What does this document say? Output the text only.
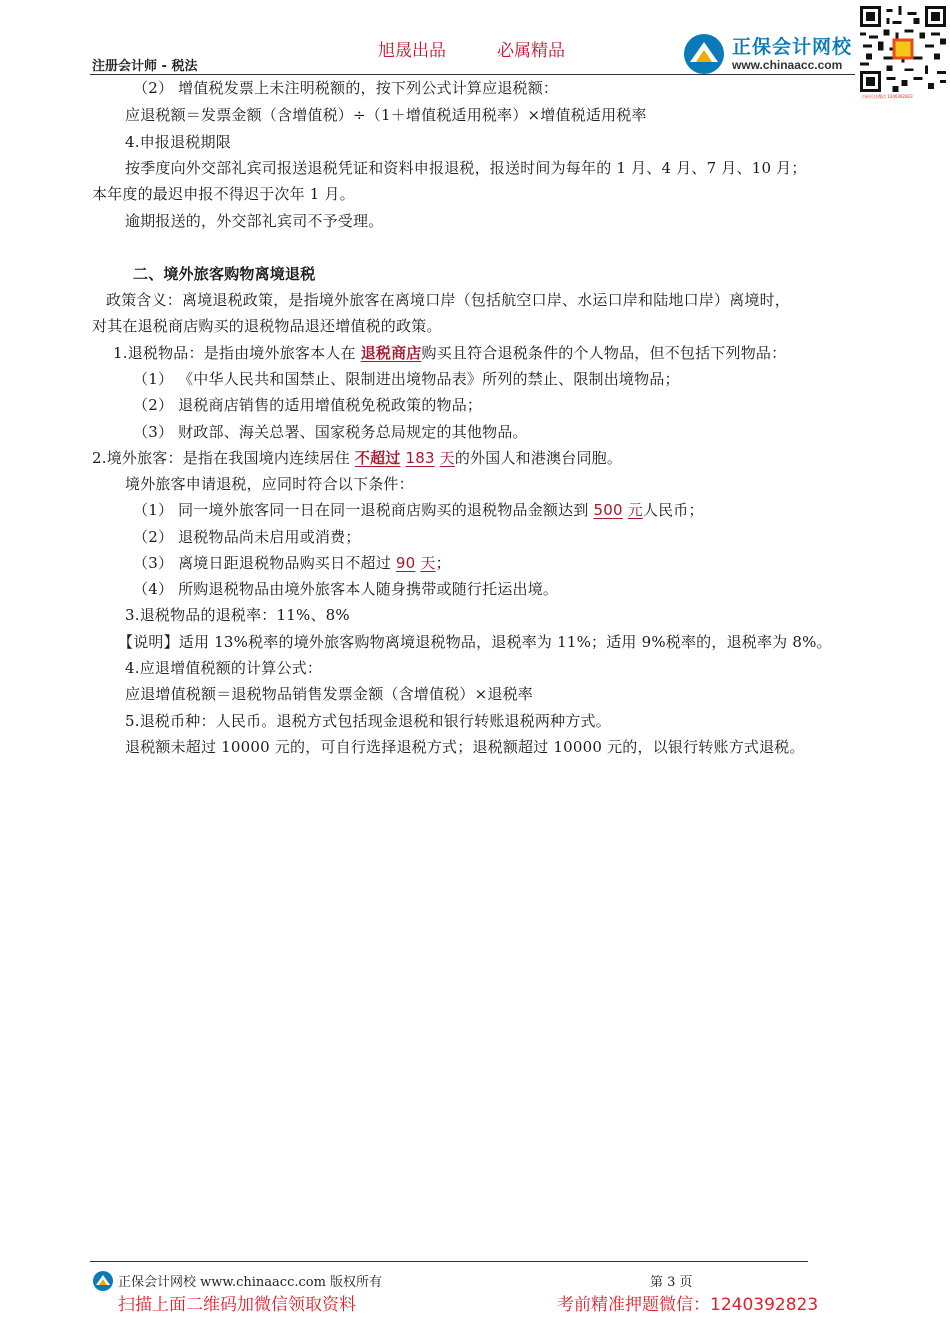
旭晟出品	必属精品
注册会计师 - 税法
正保会计网校
www.chinaacc.com
扫码关注微信 1240392823
（2） 增值税发票上未注明税额的，按下列公式计算应退税额：
应退税额＝发票金额（含增值税）÷（1＋增值税适用税率）×增值税适用税率
4.申报退税期限
按季度向外交部礼宾司报送退税凭证和资料申报退税，报送时间为每年的 1 月、4 月、7 月、10 月；
本年度的最迟申报不得迟于次年 1 月。
逾期报送的，外交部礼宾司不予受理。
二、境外旅客购物离境退税
政策含义：离境退税政策，是指境外旅客在离境口岸（包括航空口岸、水运口岸和陆地口岸）离境时，
对其在退税商店购买的退税物品退还增值税的政策。
1.退税物品：是指由境外旅客本人在 退税商店购买且符合退税条件的个人物品，但不包括下列物品：
（1） 《中华人民共和国禁止、限制进出境物品表》所列的禁止、限制出境物品；
（2） 退税商店销售的适用增值税免税政策的物品；
（3） 财政部、海关总署、国家税务总局规定的其他物品。
2.境外旅客：是指在我国境内连续居住 不超过 183 天的外国人和港澳台同胞。
境外旅客申请退税，应同时符合以下条件：
（1） 同一境外旅客同一日在同一退税商店购买的退税物品金额达到 500 元人民币；
（2） 退税物品尚未启用或消费；
（3） 离境日距退税物品购买日不超过 90 天；
（4） 所购退税物品由境外旅客本人随身携带或随行托运出境。
3.退税物品的退税率：11%、8%
【说明】适用 13%税率的境外旅客购物离境退税物品，退税率为 11%；适用 9%税率的，退税率为 8%。
4.应退增值税额的计算公式：
应退增值税额＝退税物品销售发票金额（含增值税）×退税率
5.退税币种：人民币。退税方式包括现金退税和银行转账退税两种方式。
退税额未超过 10000 元的，可自行选择退税方式；退税额超过 10000 元的，以银行转账方式退税。
正保会计网校 www.chinaacc.com 版权所有	第 3 页
扫描上面二维码加微信领取资料	考前精准押题微信：1240392823
